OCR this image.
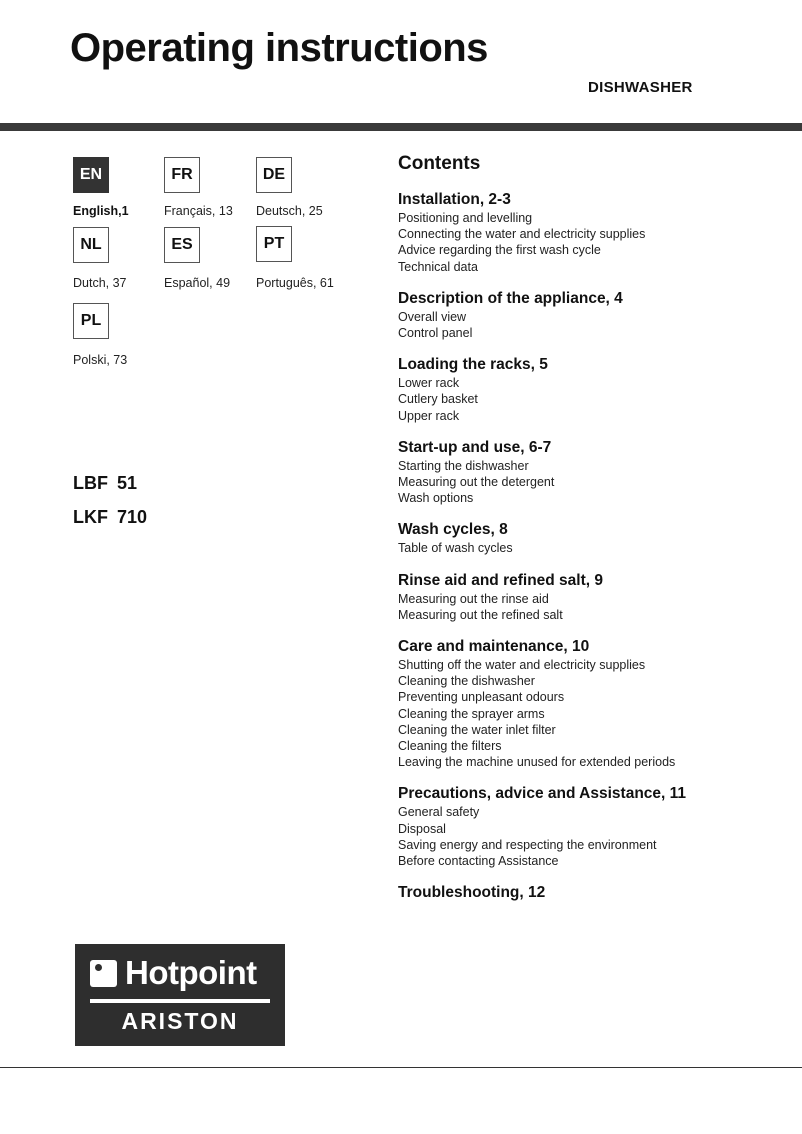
Operating instructions
DISHWASHER
EN
English,1
FR
Français, 13
DE
Deutsch, 25
NL
Dutch, 37
ES
Español, 49
PT
Português, 61
PL
Polski, 73
LBF 51
LKF 710
Contents
Installation, 2-3
Positioning and levelling
Connecting the water and electricity supplies
Advice regarding the first wash cycle
Technical data
Description of the appliance, 4
Overall view
Control panel
Loading the racks, 5
Lower rack
Cutlery basket
Upper rack
Start-up and use, 6-7
Starting the dishwasher
Measuring out the detergent
Wash options
Wash cycles, 8
Table of wash cycles
Rinse aid and refined salt, 9
Measuring out the rinse aid
Measuring out the refined salt
Care and maintenance, 10
Shutting off the water and electricity supplies
Cleaning the dishwasher
Preventing unpleasant odours
Cleaning the sprayer arms
Cleaning the water inlet filter
Cleaning the filters
Leaving the machine unused for extended periods
Precautions, advice and Assistance, 11
General safety
Disposal
Saving energy and respecting the environment
Before contacting Assistance
Troubleshooting, 12
Hotpoint
ARISTON
